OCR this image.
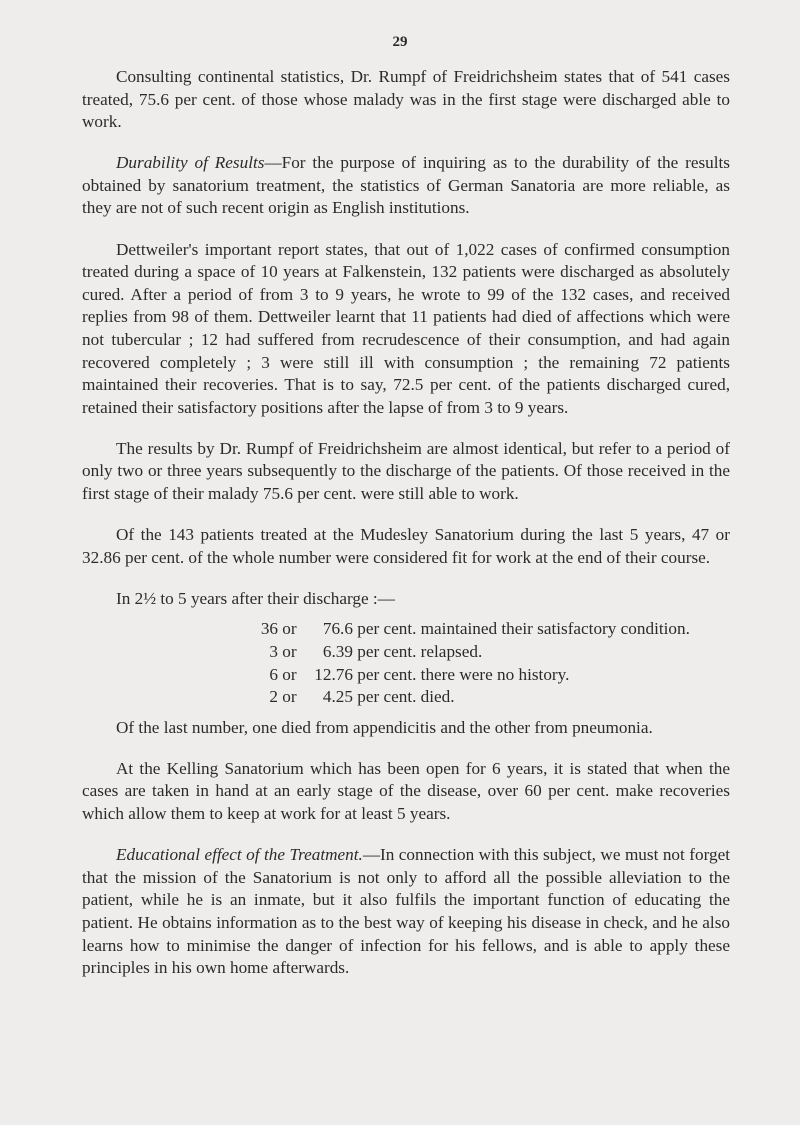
29

Consulting continental statistics, Dr. Rumpf of Freidrichsheim states that of 541 cases treated, 75.6 per cent. of those whose malady was in the first stage were discharged able to work.

Durability of Results—For the purpose of inquiring as to the durability of the results obtained by sanatorium treatment, the statistics of German Sanatoria are more reliable, as they are not of such recent origin as English institutions.

Dettweiler's important report states, that out of 1,022 cases of confirmed consumption treated during a space of 10 years at Falkenstein, 132 patients were discharged as absolutely cured. After a period of from 3 to 9 years, he wrote to 99 of the 132 cases, and received replies from 98 of them. Dettweiler learnt that 11 patients had died of affections which were not tubercular ; 12 had suffered from recrudescence of their consumption, and had again recovered completely ; 3 were still ill with consumption ; the remaining 72 patients maintained their recoveries. That is to say, 72.5 per cent. of the patients discharged cured, retained their satisfactory positions after the lapse of from 3 to 9 years.

The results by Dr. Rumpf of Freidrichsheim are almost identical, but refer to a period of only two or three years subsequently to the discharge of the patients. Of those received in the first stage of their malady 75.6 per cent. were still able to work.

Of the 143 patients treated at the Mudesley Sanatorium during the last 5 years, 47 or 32.86 per cent. of the whole number were considered fit for work at the end of their course.

In 2½ to 5 years after their discharge :—

36 or 76.6 per cent. maintained their satisfactory condition.
3 or 6.39 per cent. relapsed.
6 or 12.76 per cent. there were no history.
2 or 4.25 per cent. died.

Of the last number, one died from appendicitis and the other from pneumonia.

At the Kelling Sanatorium which has been open for 6 years, it is stated that when the cases are taken in hand at an early stage of the disease, over 60 per cent. make recoveries which allow them to keep at work for at least 5 years.

Educational effect of the Treatment.—In connection with this subject, we must not forget that the mission of the Sanatorium is not only to afford all the possible alleviation to the patient, while he is an inmate, but it also fulfils the important function of educating the patient. He obtains information as to the best way of keeping his disease in check, and he also learns how to minimise the danger of infection for his fellows, and is able to apply these principles in his own home afterwards.
